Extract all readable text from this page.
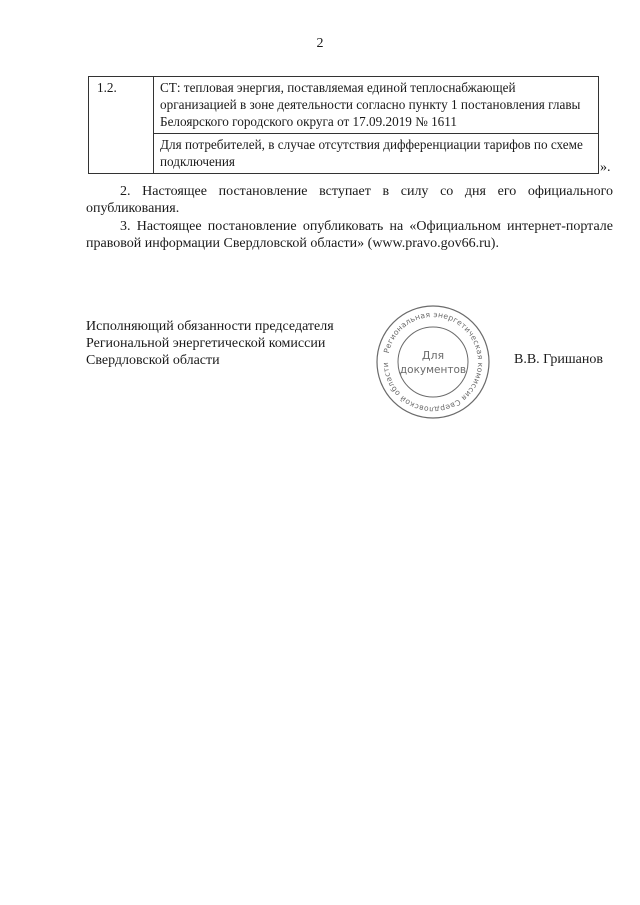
2
1.2.	СТ: тепловая энергия, поставляемая единой теплоснабжающей организацией в зоне деятельности согласно пункту 1 постановления главы Белоярского городского округа от 17.09.2019 № 1611
Для потребителей, в случае отсутствия дифференциации тарифов по схеме подключения	».
2. Настоящее постановление вступает в силу со дня его официального опубликования.
3. Настоящее постановление опубликовать на «Официальном интернет-портале правовой информации Свердловской области» (www.pravo.gov66.ru).
Исполняющий обязанности председателя
Региональной энергетической комиссии
Свердловской области
Региональная энергетическая комиссия Свердловской области
Для
документов
В.В. Гришанов
